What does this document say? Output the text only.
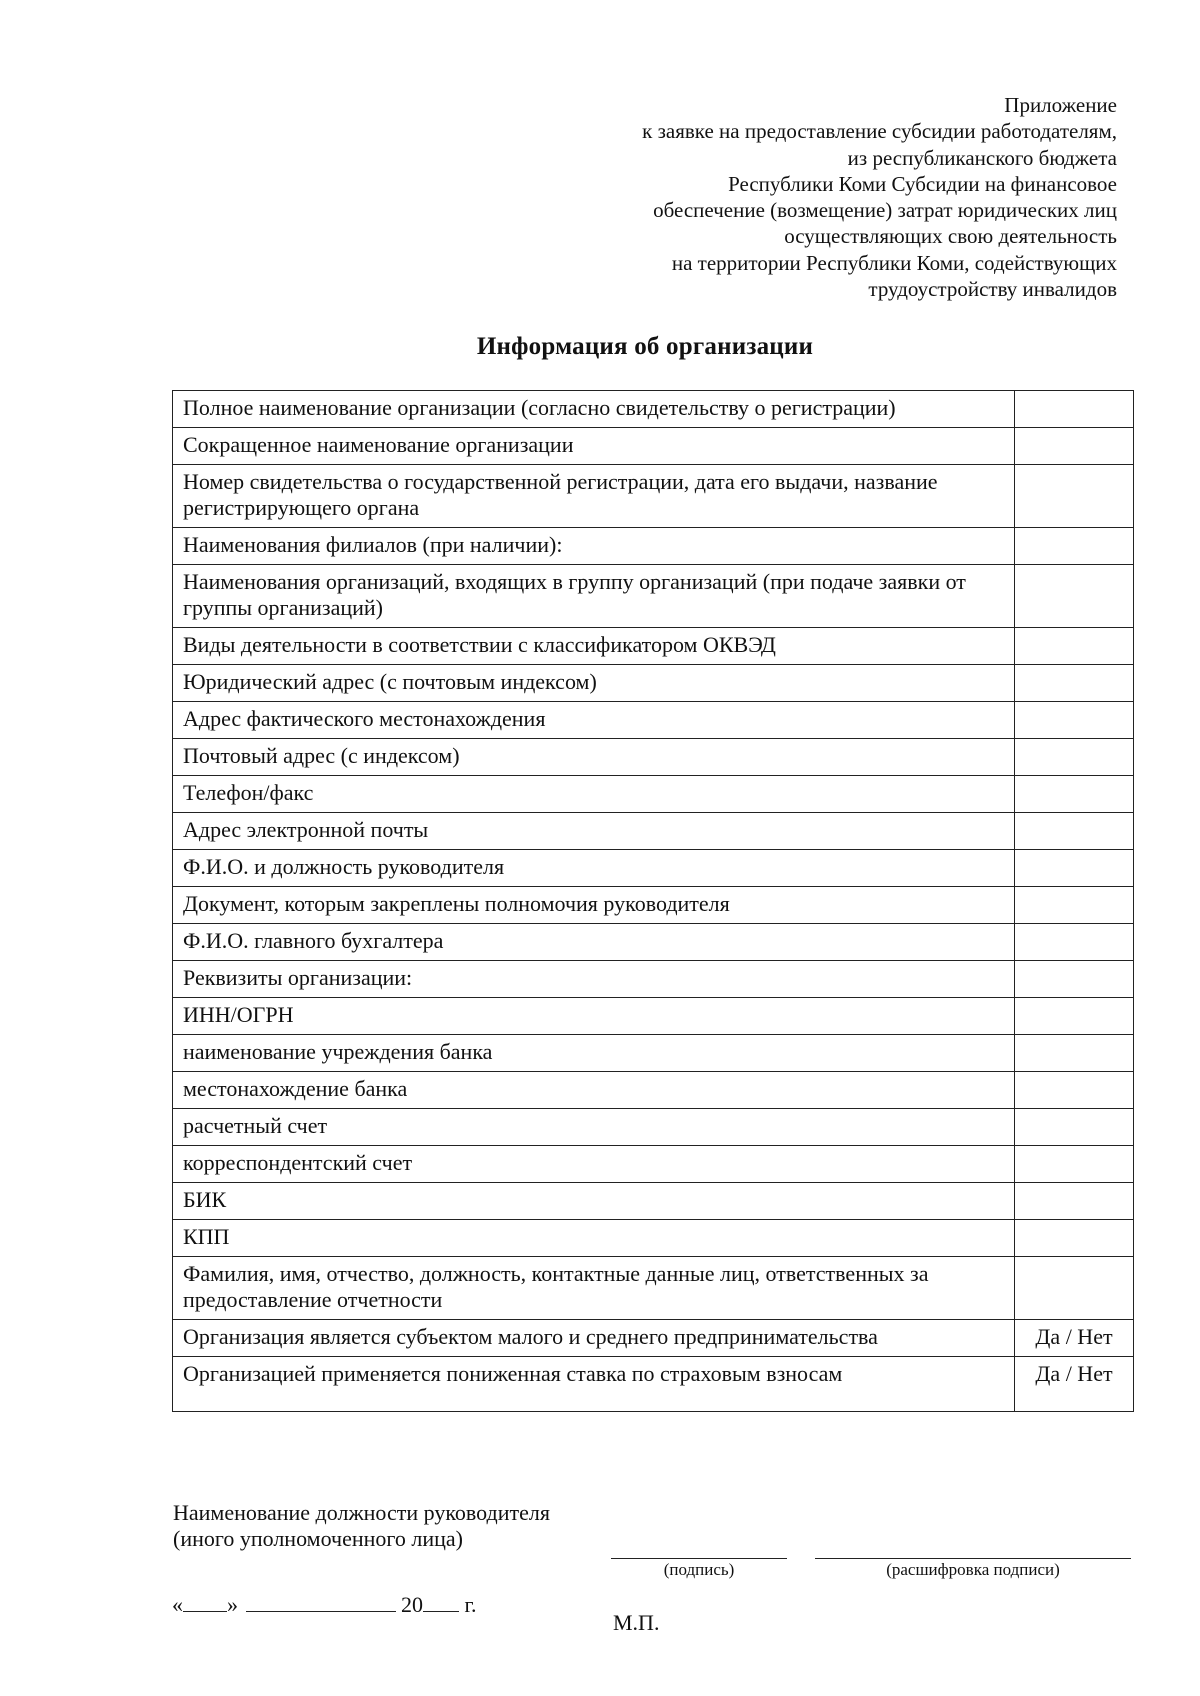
Приложение
к заявке на предоставление субсидии работодателям,
из республиканского бюджета
Республики Коми Субсидии на финансовое
обеспечение (возмещение) затрат юридических лиц
осуществляющих свою деятельность
на территории Республики Коми, содействующих
трудоустройству инвалидов
Информация об организации
Полное наименование организации (согласно свидетельству о регистрации)	
Сокращенное наименование организации	
Номер свидетельства о государственной регистрации, дата его выдачи, название регистрирующего органа	
Наименования филиалов (при наличии):	
Наименования организаций, входящих в группу организаций (при подаче заявки от группы организаций)	
Виды деятельности в соответствии с классификатором ОКВЭД	
Юридический адрес (с почтовым индексом)	
Адрес фактического местонахождения	
Почтовый адрес (с индексом)	
Телефон/факс	
Адрес электронной почты	
Ф.И.О. и должность руководителя	
Документ, которым закреплены полномочия руководителя	
Ф.И.О. главного бухгалтера	
Реквизиты организации:	
ИНН/ОГРН	
наименование учреждения банка	
местонахождение банка	
расчетный счет	
корреспондентский счет	
БИК	
КПП	
Фамилия, имя, отчество, должность, контактные данные лиц, ответственных за предоставление отчетности	
Организация является субъектом малого и среднего предпринимательства	Да / Нет
Организацией применяется пониженная ставка по страховым взносам	Да / Нет
Наименование должности руководителя
(иного уполномоченного лица)
(подпись)	(расшифровка подписи)
« »	20 г.
М.П.
